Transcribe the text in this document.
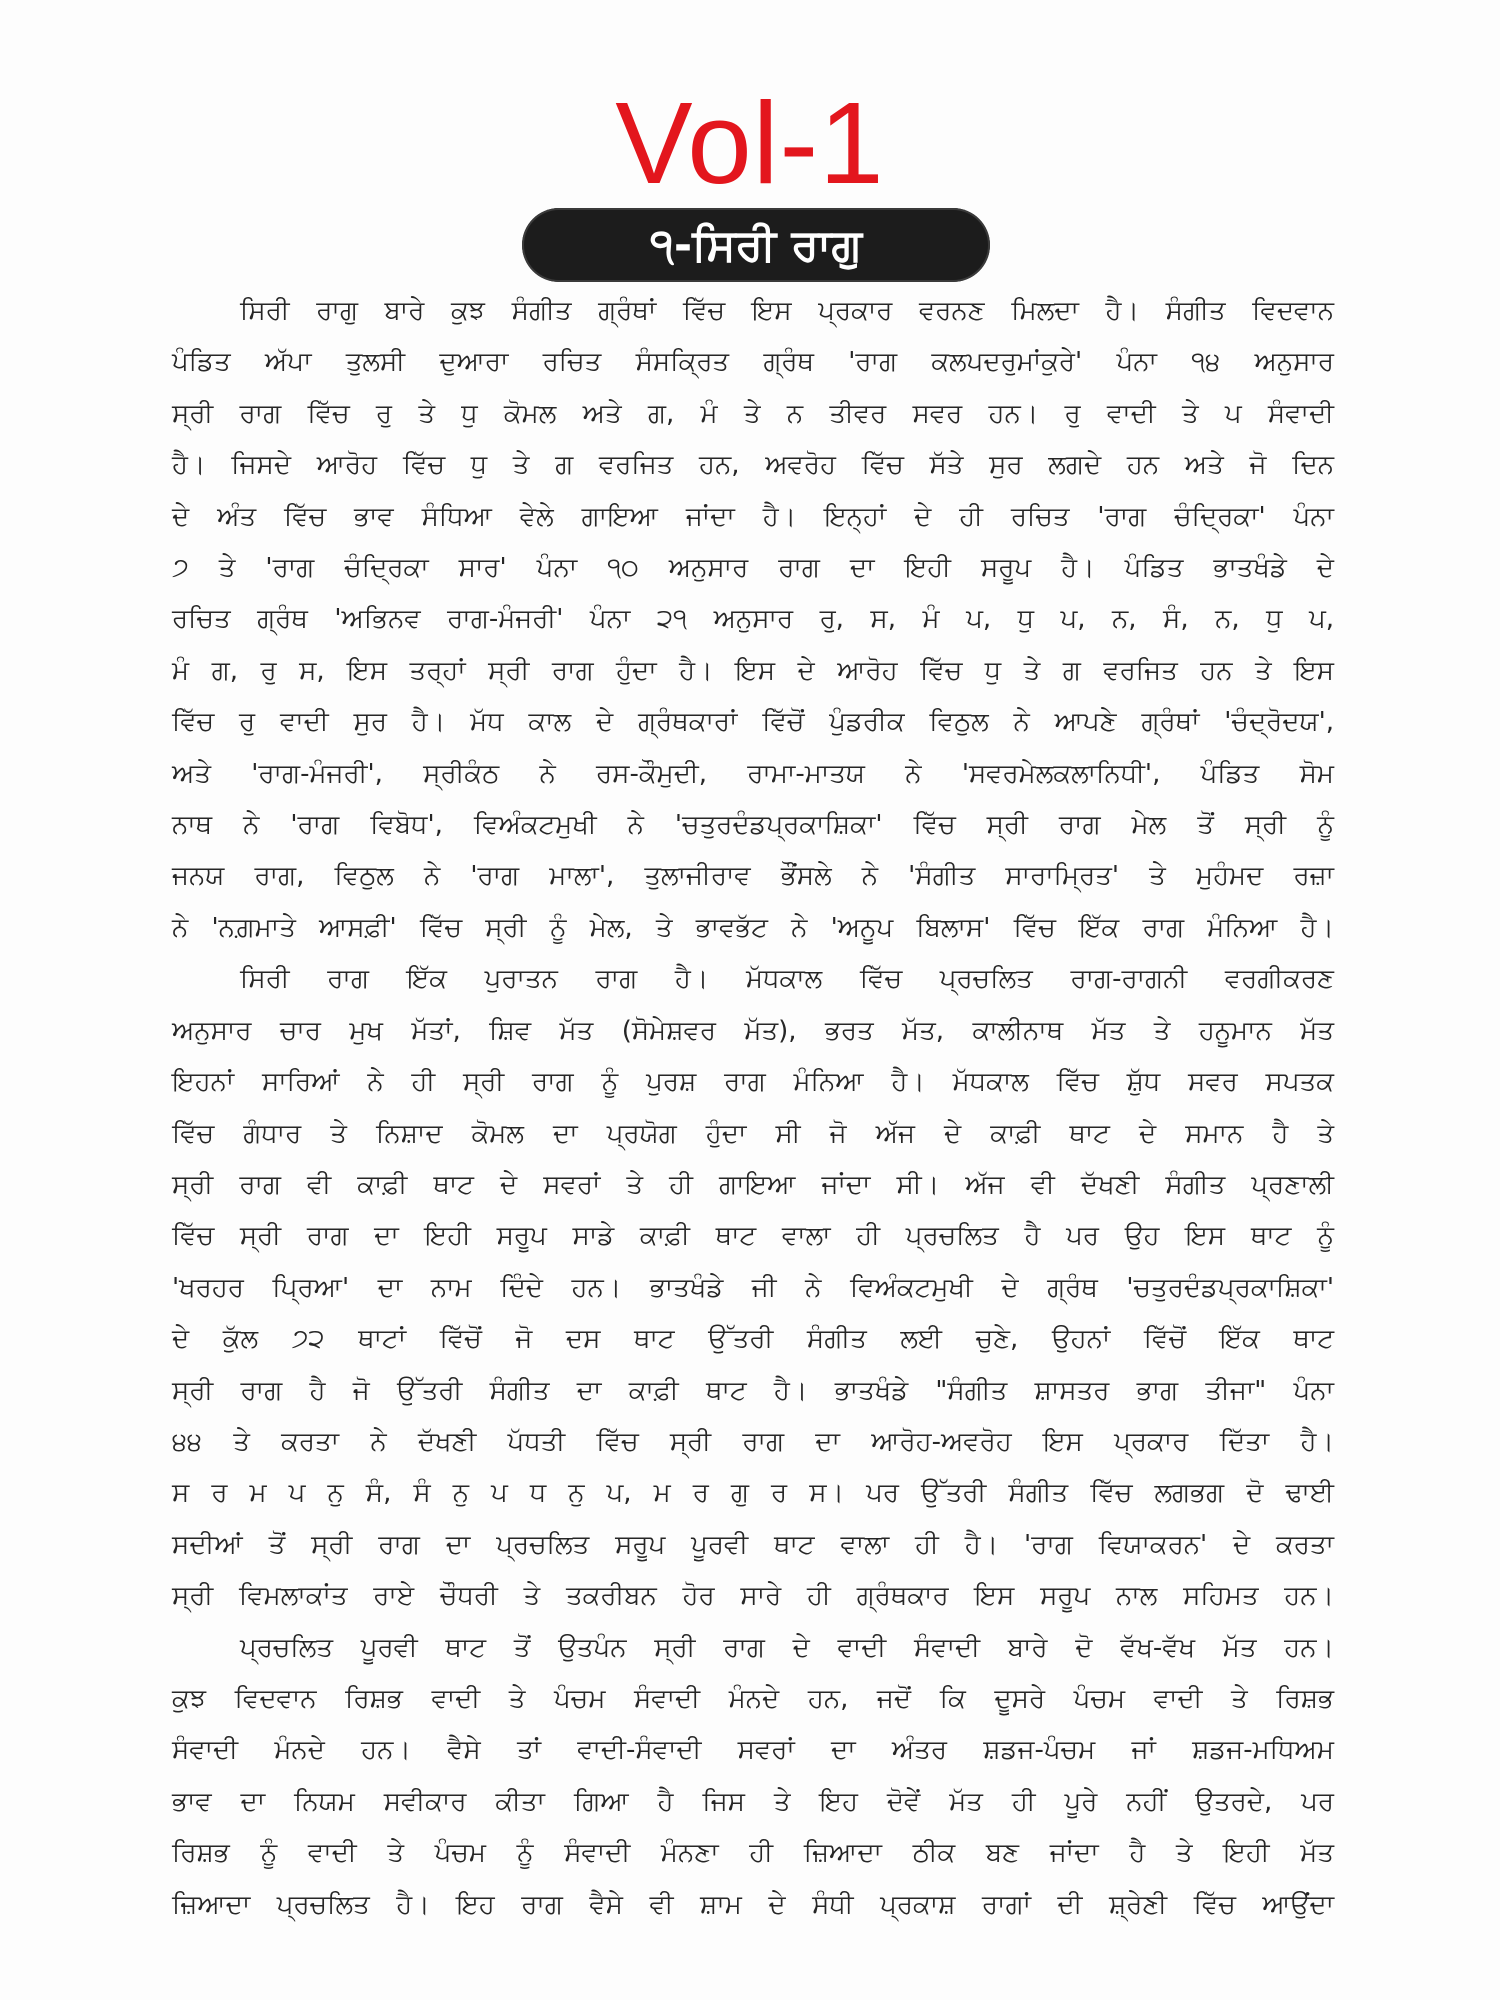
Vol-1
੧-ਸਿਰੀ ਰਾਗੁ
ਸਿਰੀ ਰਾਗੁ ਬਾਰੇ ਕੁਝ ਸੰਗੀਤ ਗ੍ਰੰਥਾਂ ਵਿੱਚ ਇਸ ਪ੍ਰਕਾਰ ਵਰਨਣ ਮਿਲਦਾ ਹੈ। ਸੰਗੀਤ ਵਿਦਵਾਨ
ਪੰਡਿਤ ਅੱਪਾ ਤੁਲਸੀ ਦੁਆਰਾ ਰਚਿਤ ਸੰਸਕ੍ਰਿਤ ਗ੍ਰੰਥ 'ਰਾਗ ਕਲਪਦਰੁਮਾਂਕੁਰੇ' ਪੰਨਾ ੧੪ ਅਨੁਸਾਰ
ਸ੍ਰੀ ਰਾਗ ਵਿੱਚ ਰੁ ਤੇ ਧੁ ਕੋਮਲ ਅਤੇ ਗ, ਮੰ ਤੇ ਨ ਤੀਵਰ ਸਵਰ ਹਨ। ਰੁ ਵਾਦੀ ਤੇ ਪ ਸੰਵਾਦੀ
ਹੈ। ਜਿਸਦੇ ਆਰੋਹ ਵਿੱਚ ਧੁ ਤੇ ਗ ਵਰਜਿਤ ਹਨ, ਅਵਰੋਹ ਵਿੱਚ ਸੱਤੇ ਸੁਰ ਲਗਦੇ ਹਨ ਅਤੇ ਜੋ ਦਿਨ
ਦੇ ਅੰਤ ਵਿੱਚ ਭਾਵ ਸੰਧਿਆ ਵੇਲੇ ਗਾਇਆ ਜਾਂਦਾ ਹੈ। ਇਨ੍ਹਾਂ ਦੇ ਹੀ ਰਚਿਤ 'ਰਾਗ ਚੰਦ੍ਰਿਕਾ' ਪੰਨਾ
੭ ਤੇ 'ਰਾਗ ਚੰਦ੍ਰਿਕਾ ਸਾਰ' ਪੰਨਾ ੧੦ ਅਨੁਸਾਰ ਰਾਗ ਦਾ ਇਹੀ ਸਰੂਪ ਹੈ। ਪੰਡਿਤ ਭਾਤਖੰਡੇ ਦੇ
ਰਚਿਤ ਗ੍ਰੰਥ 'ਅਭਿਨਵ ਰਾਗ-ਮੰਜਰੀ' ਪੰਨਾ ੨੧ ਅਨੁਸਾਰ ਰੁ, ਸ, ਮੰ ਪ, ਧੁ ਪ, ਨ, ਸੰ, ਨ, ਧੁ ਪ,
ਮੰ ਗ, ਰੁ ਸ, ਇਸ ਤਰ੍ਹਾਂ ਸ੍ਰੀ ਰਾਗ ਹੁੰਦਾ ਹੈ। ਇਸ ਦੇ ਆਰੋਹ ਵਿੱਚ ਧੁ ਤੇ ਗ ਵਰਜਿਤ ਹਨ ਤੇ ਇਸ
ਵਿੱਚ ਰੁ ਵਾਦੀ ਸੁਰ ਹੈ। ਮੱਧ ਕਾਲ ਦੇ ਗ੍ਰੰਥਕਾਰਾਂ ਵਿੱਚੋਂ ਪੁੰਡਰੀਕ ਵਿਠੁਲ ਨੇ ਆਪਣੇ ਗ੍ਰੰਥਾਂ 'ਚੰਦ੍ਰੋਦਯ',
ਅਤੇ 'ਰਾਗ-ਮੰਜਰੀ', ਸ੍ਰੀਕੰਠ ਨੇ ਰਸ-ਕੌਮੁਦੀ, ਰਾਮਾ-ਮਾਤਯ ਨੇ 'ਸਵਰਮੇਲਕਲਾਨਿਧੀ', ਪੰਡਿਤ ਸੋਮ
ਨਾਥ ਨੇ 'ਰਾਗ ਵਿਬੋਧ', ਵਿਅੰਕਟਮੁਖੀ ਨੇ 'ਚਤੁਰਦੰਡਪ੍ਰਕਾਸ਼ਿਕਾ' ਵਿੱਚ ਸ੍ਰੀ ਰਾਗ ਮੇਲ ਤੋਂ ਸ੍ਰੀ ਨੂੰ
ਜਨਯ ਰਾਗ, ਵਿਠੁਲ ਨੇ 'ਰਾਗ ਮਾਲਾ', ਤੁਲਾਜੀਰਾਵ ਭੌਂਸਲੇ ਨੇ 'ਸੰਗੀਤ ਸਾਰਾਮ੍ਰਿਤ' ਤੇ ਮੁਹੰਮਦ ਰਜ਼ਾ
ਨੇ 'ਨਗ਼ਮਾਤੇ ਆਸਫ਼ੀ' ਵਿੱਚ ਸ੍ਰੀ ਨੂੰ ਮੇਲ, ਤੇ ਭਾਵਭੱਟ ਨੇ 'ਅਨੂਪ ਬਿਲਾਸ' ਵਿੱਚ ਇੱਕ ਰਾਗ ਮੰਨਿਆ ਹੈ।
ਸਿਰੀ ਰਾਗ ਇੱਕ ਪੁਰਾਤਨ ਰਾਗ ਹੈ। ਮੱਧਕਾਲ ਵਿੱਚ ਪ੍ਰਚਲਿਤ ਰਾਗ-ਰਾਗਨੀ ਵਰਗੀਕਰਣ
ਅਨੁਸਾਰ ਚਾਰ ਮੁਖ ਮੱਤਾਂ, ਸ਼ਿਵ ਮੱਤ (ਸੋਮੇਸ਼ਵਰ ਮੱਤ), ਭਰਤ ਮੱਤ, ਕਾਲੀਨਾਥ ਮੱਤ ਤੇ ਹਨੂਮਾਨ ਮੱਤ
ਇਹਨਾਂ ਸਾਰਿਆਂ ਨੇ ਹੀ ਸ੍ਰੀ ਰਾਗ ਨੂੰ ਪੁਰਸ਼ ਰਾਗ ਮੰਨਿਆ ਹੈ। ਮੱਧਕਾਲ ਵਿੱਚ ਸ਼ੁੱਧ ਸਵਰ ਸਪਤਕ
ਵਿੱਚ ਗੰਧਾਰ ਤੇ ਨਿਸ਼ਾਦ ਕੋਮਲ ਦਾ ਪ੍ਰਯੋਗ ਹੁੰਦਾ ਸੀ ਜੋ ਅੱਜ ਦੇ ਕਾਫ਼ੀ ਥਾਟ ਦੇ ਸਮਾਨ ਹੈ ਤੇ
ਸ੍ਰੀ ਰਾਗ ਵੀ ਕਾਫ਼ੀ ਥਾਟ ਦੇ ਸਵਰਾਂ ਤੇ ਹੀ ਗਾਇਆ ਜਾਂਦਾ ਸੀ। ਅੱਜ ਵੀ ਦੱਖਣੀ ਸੰਗੀਤ ਪ੍ਰਣਾਲੀ
ਵਿੱਚ ਸ੍ਰੀ ਰਾਗ ਦਾ ਇਹੀ ਸਰੂਪ ਸਾਡੇ ਕਾਫ਼ੀ ਥਾਟ ਵਾਲਾ ਹੀ ਪ੍ਰਚਲਿਤ ਹੈ ਪਰ ਉਹ ਇਸ ਥਾਟ ਨੂੰ
'ਖਰਹਰ ਪ੍ਰਿਆ' ਦਾ ਨਾਮ ਦਿੰਦੇ ਹਨ। ਭਾਤਖੰਡੇ ਜੀ ਨੇ ਵਿਅੰਕਟਮੁਖੀ ਦੇ ਗ੍ਰੰਥ 'ਚਤੁਰਦੰਡਪ੍ਰਕਾਸ਼ਿਕਾ'
ਦੇ ਕੁੱਲ ੭੨ ਥਾਟਾਂ ਵਿੱਚੋਂ ਜੋ ਦਸ ਥਾਟ ਉੱਤਰੀ ਸੰਗੀਤ ਲਈ ਚੁਣੇ, ਉਹਨਾਂ ਵਿੱਚੋਂ ਇੱਕ ਥਾਟ
ਸ੍ਰੀ ਰਾਗ ਹੈ ਜੋ ਉੱਤਰੀ ਸੰਗੀਤ ਦਾ ਕਾਫ਼ੀ ਥਾਟ ਹੈ। ਭਾਤਖੰਡੇ "ਸੰਗੀਤ ਸ਼ਾਸਤਰ ਭਾਗ ਤੀਜਾ" ਪੰਨਾ
੪੪ ਤੇ ਕਰਤਾ ਨੇ ਦੱਖਣੀ ਪੱਧਤੀ ਵਿੱਚ ਸ੍ਰੀ ਰਾਗ ਦਾ ਆਰੋਹ-ਅਵਰੋਹ ਇਸ ਪ੍ਰਕਾਰ ਦਿੱਤਾ ਹੈ।
ਸ ਰ ਮ ਪ ਨੁ ਸੰ, ਸੰ ਨੁ ਪ ਧ ਨੁ ਪ, ਮ ਰ ਗੁ ਰ ਸ। ਪਰ ਉੱਤਰੀ ਸੰਗੀਤ ਵਿੱਚ ਲਗਭਗ ਦੋ ਢਾਈ
ਸਦੀਆਂ ਤੋਂ ਸ੍ਰੀ ਰਾਗ ਦਾ ਪ੍ਰਚਲਿਤ ਸਰੂਪ ਪੂਰਵੀ ਥਾਟ ਵਾਲਾ ਹੀ ਹੈ। 'ਰਾਗ ਵਿਯਾਕਰਨ' ਦੇ ਕਰਤਾ
ਸ੍ਰੀ ਵਿਮਲਾਕਾਂਤ ਰਾਏ ਚੌਧਰੀ ਤੇ ਤਕਰੀਬਨ ਹੋਰ ਸਾਰੇ ਹੀ ਗ੍ਰੰਥਕਾਰ ਇਸ ਸਰੂਪ ਨਾਲ ਸਹਿਮਤ ਹਨ।
ਪ੍ਰਚਲਿਤ ਪੂਰਵੀ ਥਾਟ ਤੋਂ ਉਤਪੰਨ ਸ੍ਰੀ ਰਾਗ ਦੇ ਵਾਦੀ ਸੰਵਾਦੀ ਬਾਰੇ ਦੋ ਵੱਖ-ਵੱਖ ਮੱਤ ਹਨ।
ਕੁਝ ਵਿਦਵਾਨ ਰਿਸ਼ਭ ਵਾਦੀ ਤੇ ਪੰਚਮ ਸੰਵਾਦੀ ਮੰਨਦੇ ਹਨ, ਜਦੋਂ ਕਿ ਦੂਸਰੇ ਪੰਚਮ ਵਾਦੀ ਤੇ ਰਿਸ਼ਭ
ਸੰਵਾਦੀ ਮੰਨਦੇ ਹਨ। ਵੈਸੇ ਤਾਂ ਵਾਦੀ-ਸੰਵਾਦੀ ਸਵਰਾਂ ਦਾ ਅੰਤਰ ਸ਼ਡਜ-ਪੰਚਮ ਜਾਂ ਸ਼ਡਜ-ਮਧਿਅਮ
ਭਾਵ ਦਾ ਨਿਯਮ ਸਵੀਕਾਰ ਕੀਤਾ ਗਿਆ ਹੈ ਜਿਸ ਤੇ ਇਹ ਦੋਵੇਂ ਮੱਤ ਹੀ ਪੂਰੇ ਨਹੀਂ ਉਤਰਦੇ, ਪਰ
ਰਿਸ਼ਭ ਨੂੰ ਵਾਦੀ ਤੇ ਪੰਚਮ ਨੂੰ ਸੰਵਾਦੀ ਮੰਨਣਾ ਹੀ ਜ਼ਿਆਦਾ ਠੀਕ ਬਣ ਜਾਂਦਾ ਹੈ ਤੇ ਇਹੀ ਮੱਤ
ਜ਼ਿਆਦਾ ਪ੍ਰਚਲਿਤ ਹੈ। ਇਹ ਰਾਗ ਵੈਸੇ ਵੀ ਸ਼ਾਮ ਦੇ ਸੰਧੀ ਪ੍ਰਕਾਸ਼ ਰਾਗਾਂ ਦੀ ਸ਼੍ਰੇਣੀ ਵਿੱਚ ਆਉਂਦਾ
